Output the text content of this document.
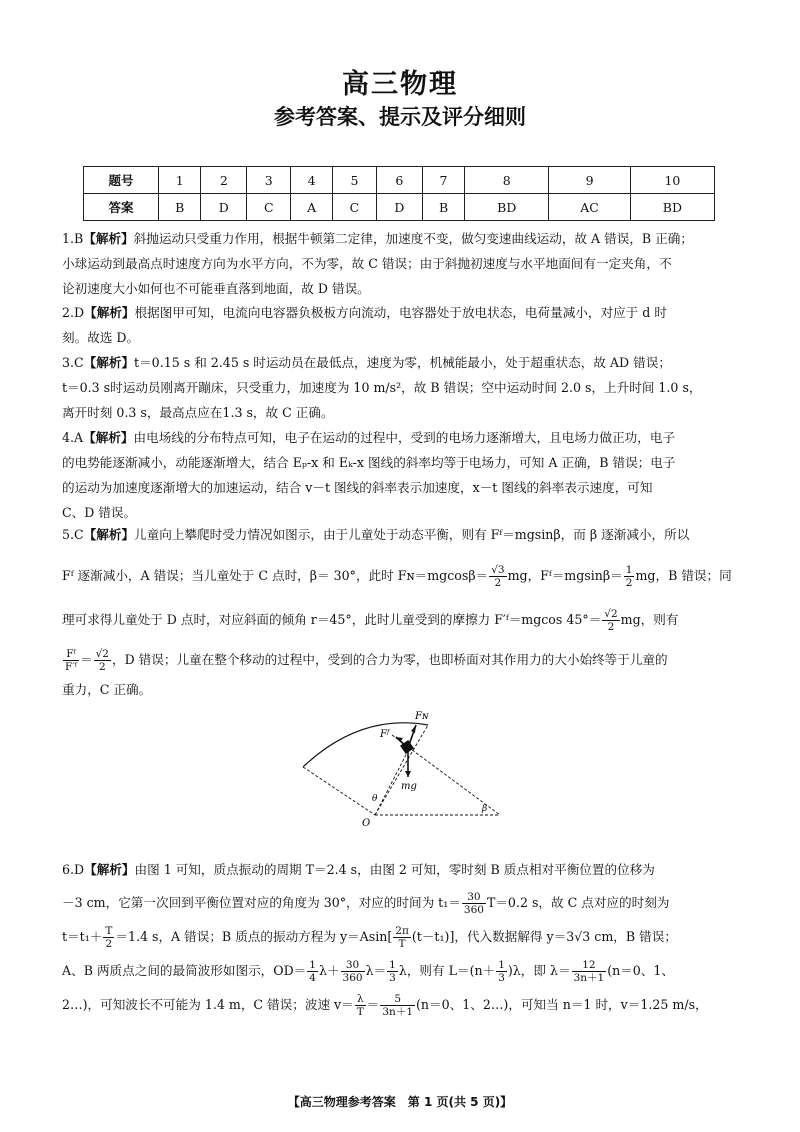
高三物理
参考答案、提示及评分细则
题号	1	2	3	4	5	6	7	8	9	10
答案	B	D	C	A	C	D	B	BD	AC	BD

1.B【解析】斜抛运动只受重力作用，根据牛顿第二定律，加速度不变，做匀变速曲线运动，故 A 错误，B 正确；

小球运动到最高点时速度方向为水平方向，不为零，故 C 错误；由于斜抛初速度与水平地面间有一定夹角，不

论初速度大小如何也不可能垂直落到地面，故 D 错误。

2.D【解析】根据图甲可知，电流向电容器负极板方向流动，电容器处于放电状态，电荷量减小，对应于 d 时

刻。故选 D。

3.C【解析】t＝0.15 s 和 2.45 s 时运动员在最低点，速度为零，机械能最小，处于超重状态，故 AD 错误；

t＝0.3 s时运动员刚离开蹦床，只受重力，加速度为 10 m/s²，故 B 错误；空中运动时间 2.0 s，上升时间 1.0 s，

离开时刻 0.3 s，最高点应在1.3 s，故 C 正确。

4.A【解析】由电场线的分布特点可知，电子在运动的过程中，受到的电场力逐渐增大，且电场力做正功，电子

的电势能逐渐减小，动能逐渐增大，结合 Eₚ-x 和 Eₖ-x 图线的斜率均等于电场力，可知 A 正确，B 错误；电子

的运动为加速度逐渐增大的加速运动，结合 v－t 图线的斜率表示加速度，x－t 图线的斜率表示速度，可知

C、D 错误。

5.C【解析】儿童向上攀爬时受力情况如图示，由于儿童处于动态平衡，则有 Fᶠ＝mgsinβ，而 β 逐渐减小，所以

Fᶠ 逐渐减小，A 错误；当儿童处于 C 点时，β＝ 30°，此时 Fɴ＝mgcosβ＝ $\frac{√3}{2}$ mg，Fᶠ＝mgsinβ＝ $\frac{1}{2}$ mg，B 错误；同

理可求得儿童处于 D 点时，对应斜面的倾角 r＝45°，此时儿童受到的摩擦力 F′ᶠ＝mgcos $45^\circ= \frac{√2}{2}$ mg，则有

$\frac{\text{Fᶠ}}{\text{F′ᶠ}} = \frac{√2}{2}$ ，D 错误；儿童在整个移动的过程中，受到的合力为零，也即桥面对其作用力的大小始终等于儿童的

重力，C 正确。

Fᶠ
Fɴ
mg
θ
O
β

6.D【解析】由图 1 可知，质点振动的周期 T＝2.4 s，由图 2 可知，零时刻 B 质点相对平衡位置的位移为

－3 cm，它第一次回到平衡位置对应的角度为 30°，对应的时间为 $t_1= \frac{30}{360} T=0.2$ s，故 C 点对应的时刻为

$t=t_1+ \frac{T}{2} =1.4$ s，A 错误；B 质点的振动方程为 $y=Asin[ \frac{2\pi}{T} (t-t_1)]$，代入数据解得 y＝3√3 cm，B 错误；

A、B 两质点之间的最简波形如图示，$OD= \frac{1}{4} \lambda+ \frac{30}{360} \lambda= \frac{1}{3}$ λ，则有 $L=(n+ \frac{1}{3} )\lambda$，即 $\lambda= \frac{12}{3n+1} (n=0$、1、

2…)，可知波长不可能为 1.4 m，C 错误；波速 $v= \frac{\lambda}{T} = \frac{5}{3n+1} (n=0$、1、2…)，可知当 n＝1 时，v＝1.25 m/s，

【高三物理参考答案　第 1 页(共 5 页)】
